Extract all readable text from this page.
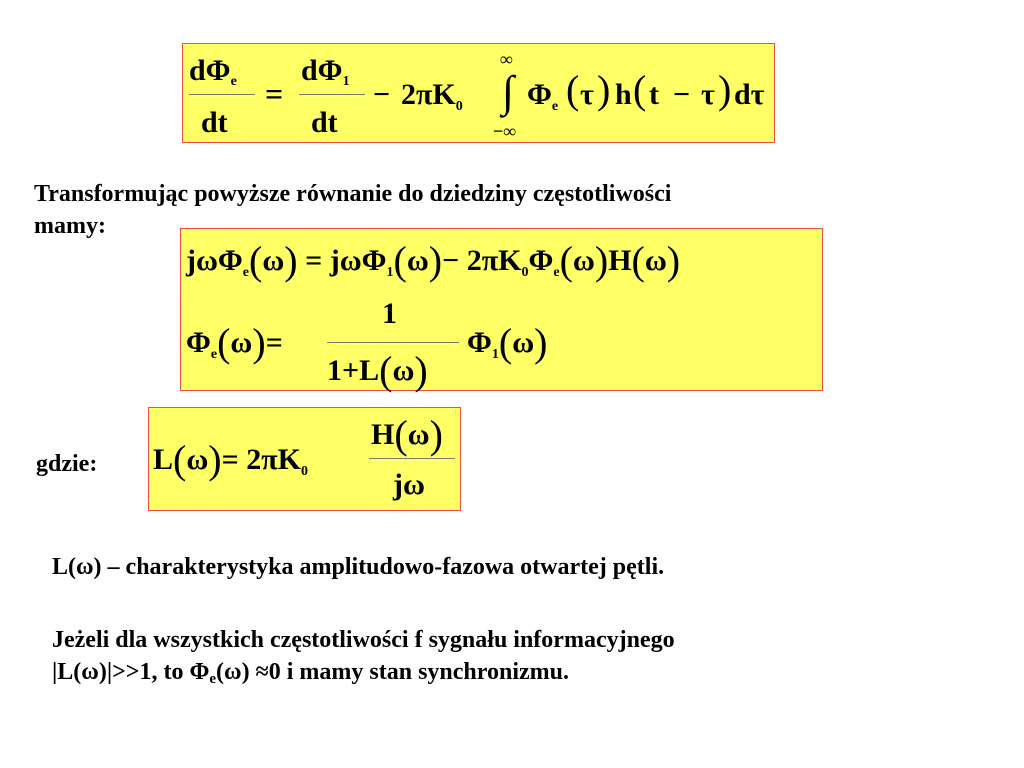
dΦe
dt
=
dΦ1
dt
− $2\pi K_0$
∞
∫
−∞
$\Phi_e$ ( τ ) h ( t − τ ) dτ
Transformując powyższe równanie do dziedziny częstotliwości
mamy:
$j\omega\Phi_e(\omega) = j\omega\Phi_1(\omega)- 2\pi K_0\Phi_e(\omega)H(\omega)$
$\Phi_e(\omega)=$
1
1+L(ω)
$\Phi_1(\omega)$
gdzie: $L(\omega)= 2\pi K_0$
H(ω)
jω
L(ω) – charakterystyka amplitudowo-fazowa otwartej pętli.
Jeżeli dla wszystkich częstotliwości f sygnału informacyjnego
|L(ω)|>>1, to Φe(ω) ≈0 i mamy stan synchronizmu.
